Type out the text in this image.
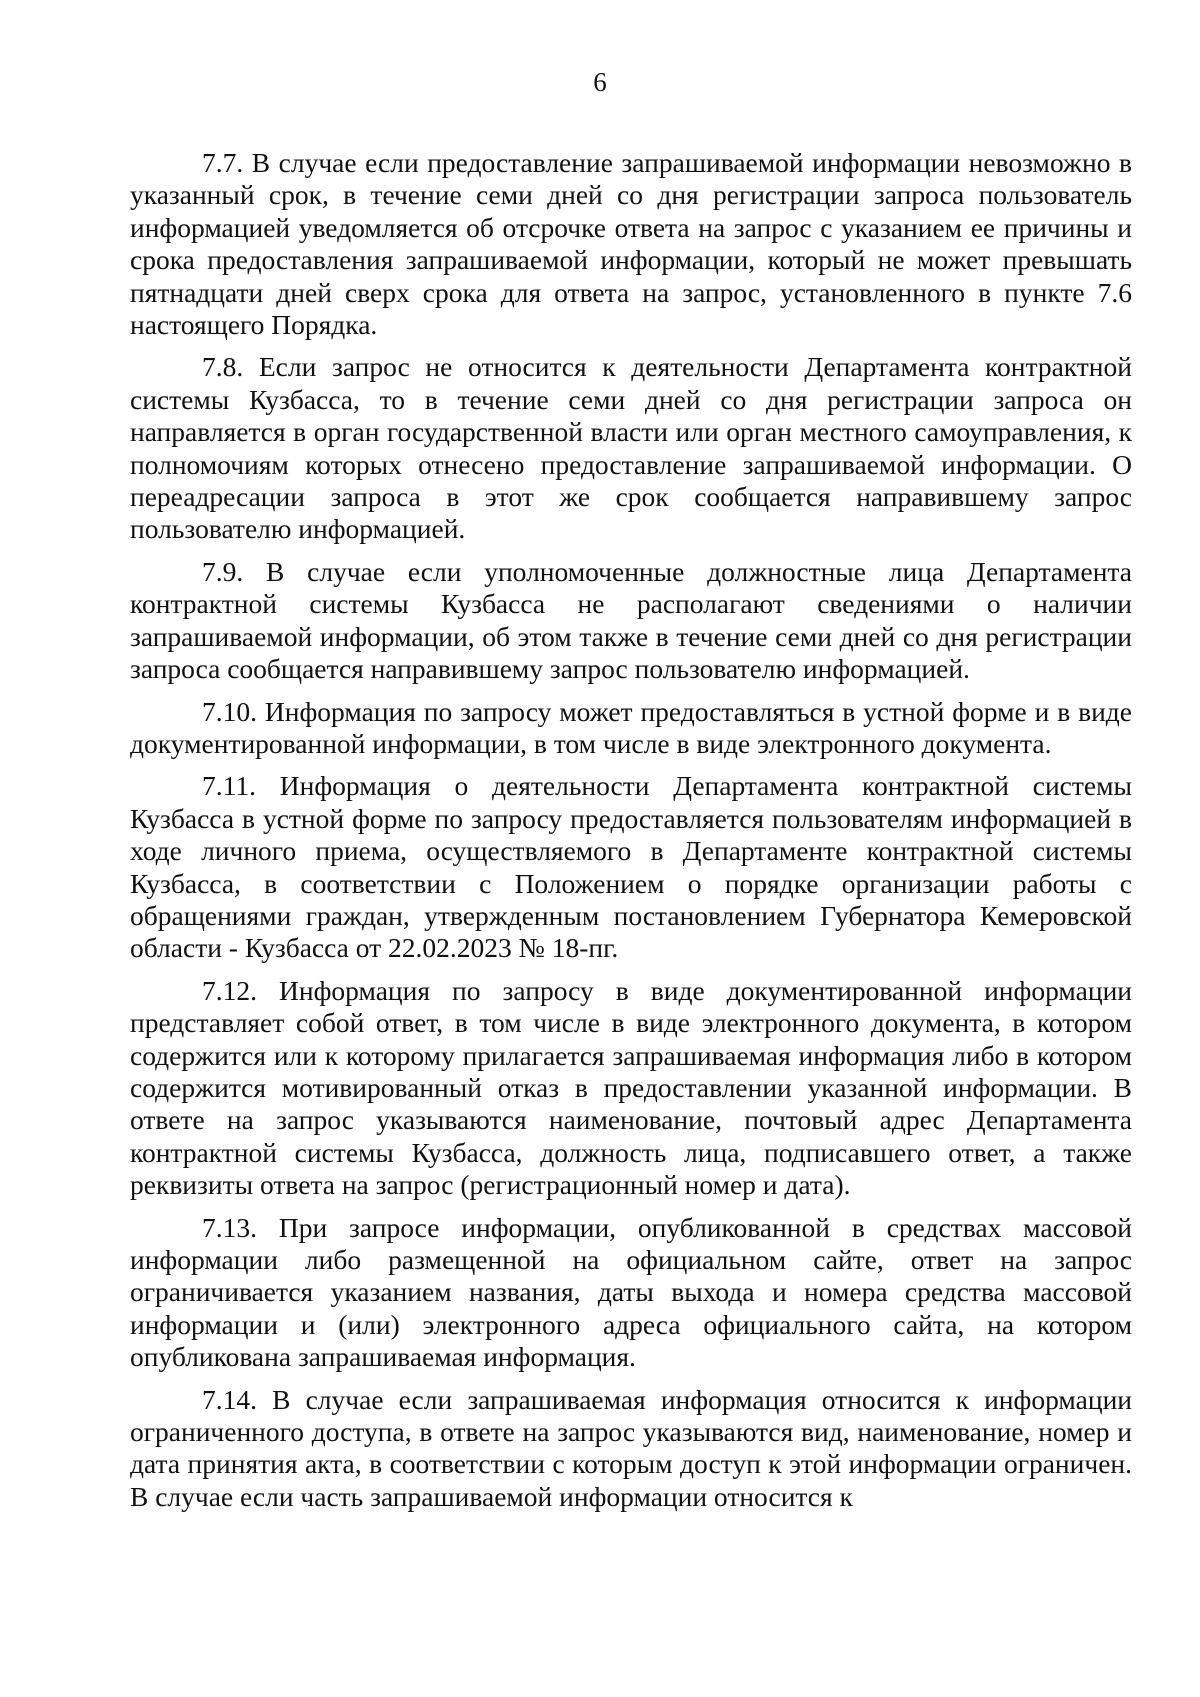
6

7.7. В случае если предоставление запрашиваемой информации невозможно в указанный срок, в течение семи дней со дня регистрации запроса пользователь информацией уведомляется об отсрочке ответа на запрос с указанием ее причины и срока предоставления запрашиваемой информации, который не может превышать пятнадцати дней сверх срока для ответа на запрос, установленного в пункте 7.6 настоящего Порядка.

7.8. Если запрос не относится к деятельности Департамента контрактной системы Кузбасса, то в течение семи дней со дня регистрации запроса он направляется в орган государственной власти или орган местного самоуправления, к полномочиям которых отнесено предоставление запрашиваемой информации. О переадресации запроса в этот же срок сообщается направившему запрос пользователю информацией.

7.9. В случае если уполномоченные должностные лица Департамента контрактной системы Кузбасса не располагают сведениями о наличии запрашиваемой информации, об этом также в течение семи дней со дня регистрации запроса сообщается направившему запрос пользователю информацией.

7.10. Информация по запросу может предоставляться в устной форме и в виде документированной информации, в том числе в виде электронного документа.

7.11. Информация о деятельности Департамента контрактной системы Кузбасса в устной форме по запросу предоставляется пользователям информацией в ходе личного приема, осуществляемого в Департаменте контрактной системы Кузбасса, в соответствии с Положением о порядке организации работы с обращениями граждан, утвержденным постановлением Губернатора Кемеровской области - Кузбасса от 22.02.2023 № 18-пг.

7.12. Информация по запросу в виде документированной информации представляет собой ответ, в том числе в виде электронного документа, в котором содержится или к которому прилагается запрашиваемая информация либо в котором содержится мотивированный отказ в предоставлении указанной информации. В ответе на запрос указываются наименование, почтовый адрес Департамента контрактной системы Кузбасса, должность лица, подписавшего ответ, а также реквизиты ответа на запрос (регистрационный номер и дата).

7.13. При запросе информации, опубликованной в средствах массовой информации либо размещенной на официальном сайте, ответ на запрос ограничивается указанием названия, даты выхода и номера средства массовой информации и (или) электронного адреса официального сайта, на котором опубликована запрашиваемая информация.

7.14. В случае если запрашиваемая информация относится к информации ограниченного доступа, в ответе на запрос указываются вид, наименование, номер и дата принятия акта, в соответствии с которым доступ к этой информации ограничен. В случае если часть запрашиваемой информации относится к
